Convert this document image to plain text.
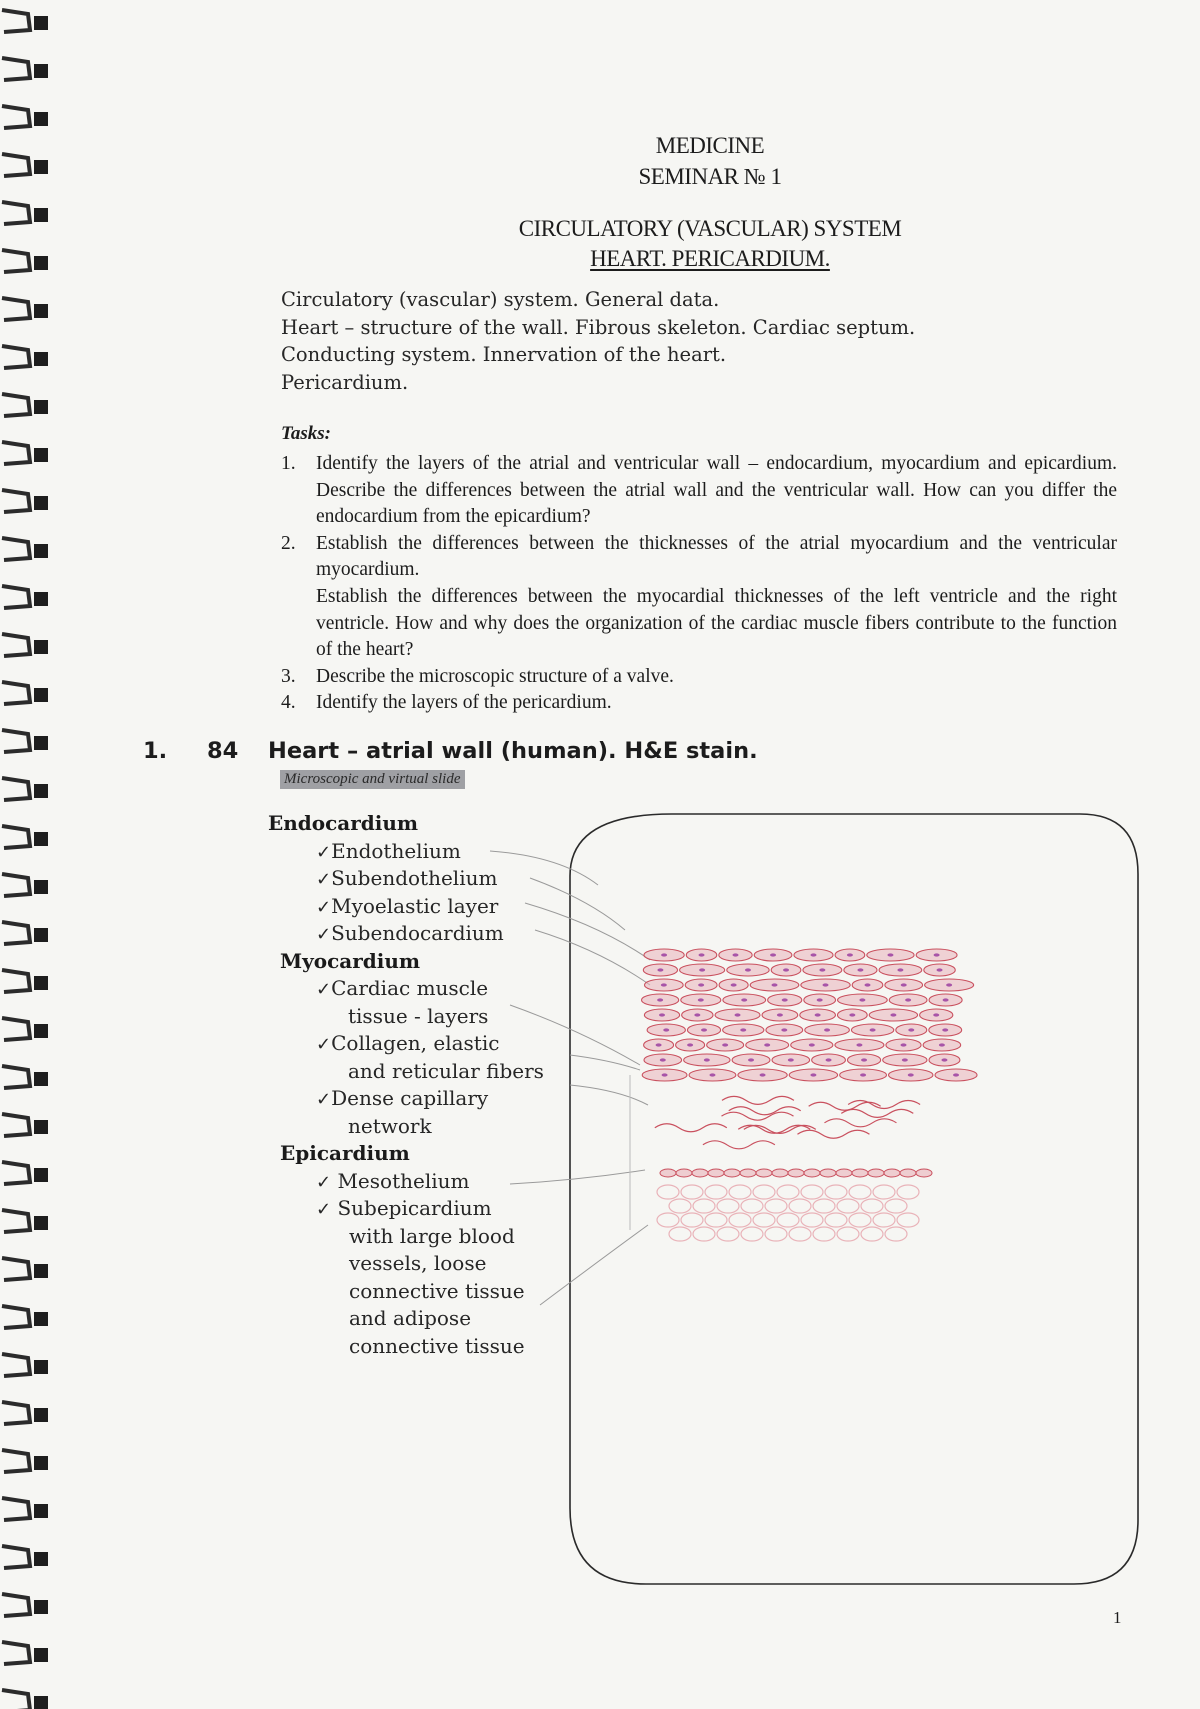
MEDICINE
SEMINAR № 1
CIRCULATORY (VASCULAR) SYSTEM
HEART. PERICARDIUM.
Circulatory (vascular) system. General data.
Heart – structure of the wall. Fibrous skeleton. Cardiac septum.
Conducting system. Innervation of the heart.
Pericardium.
Tasks:
1.	Identify the layers of the atrial and ventricular wall – endocardium, myocardium and epicardium. Describe the differences between the atrial wall and the ventricular wall. How can you differ the endocardium from the epicardium?
2.	Establish the differences between the thicknesses of the atrial myocardium and the ventricular myocardium.

Establish the differences between the myocardial thicknesses of the left ventricle and the right ventricle. How and why does the organization of the cardiac muscle fibers contribute to the function of the heart?

3.	Describe the microscopic structure of a valve.
4.	Identify the layers of the pericardium.
1. 84 Heart – atrial wall (human). H&E stain.
Microscopic and virtual slide
Endocardium
✓Endothelium
✓Subendothelium
✓Myoelastic layer
✓Subendocardium
Myocardium
✓Cardiac muscle
tissue - layers
✓Collagen, elastic
and reticular fibers
✓Dense capillary
network
Epicardium
✓ Mesothelium
✓ Subepicardium
with large blood
vessels, loose
connective tissue
and adipose
connective tissue
1
